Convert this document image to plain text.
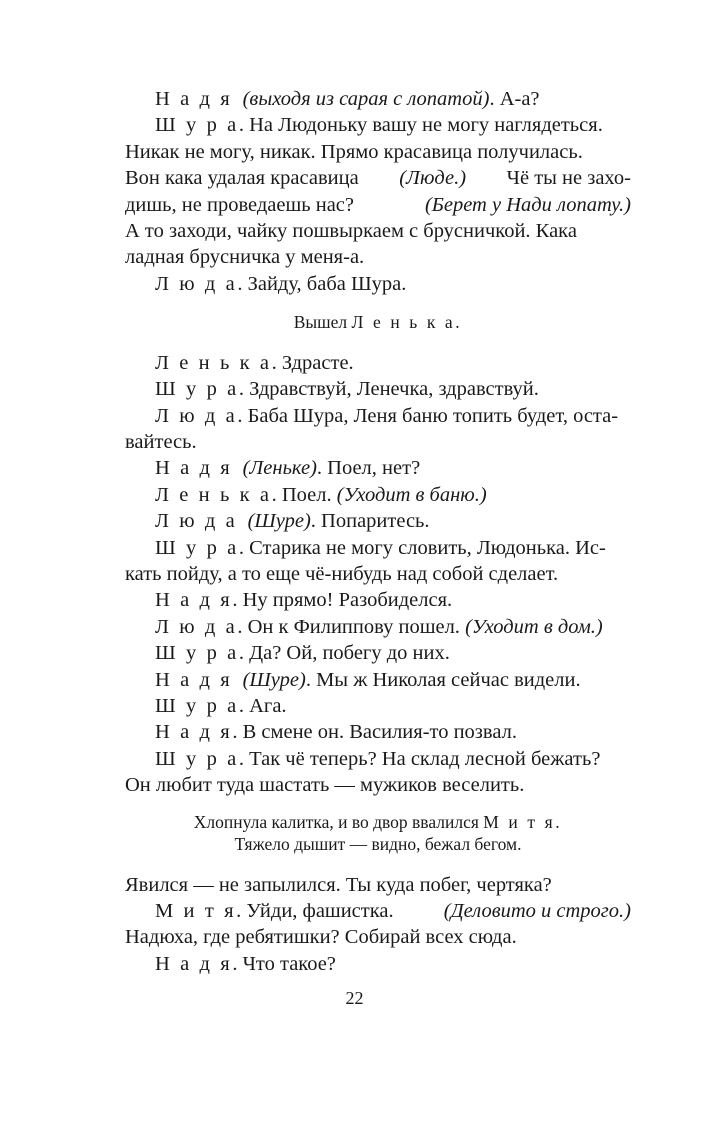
Н а д я
(выходя из сарая с лопатой) . А-а?
Ш у р а. На Людоньку вашу не могу наглядеться.
Никак не могу, никак. Прямо красавица получилась.
Вон кака удалая красавица (Люде.) Чё ты не захо-
дишь, не проведаешь нас?	(Берет у Нади лопату.)
А то заходи, чайку пошвыркаем с брусничкой. Кака
ладная брусничка у меня-а.
Л ю д а . Зайду, баба Шура.
Вышел Л е н ь к а.
Л е н ь к а . Здрасте.
Ш у р а . Здравствуй, Ленечка, здравствуй.
Л ю д а . Баба Шура, Леня баню топить будет, оста-
вайтесь.
Н а д я
(Леньке) . Поел, нет?
Л е н ь к а . Поел.
(Уходит в баню.)
Л ю д а
(Шуре) . Попаритесь.
Ш у р а . Старика не могу словить, Людонька. Ис-
кать пойду, а то еще чё-нибудь над собой сделает.
Н а д я . Ну прямо! Разобиделся.
Л ю д а . Он к Филиппову пошел.
(Уходит в дом.)
Ш у р а . Да? Ой, побегу до них.
Н а д я
(Шуре) . Мы ж Николая сейчас видели.
Ш у р а . Ага.
Н а д я . В смене он. Василия-то позвал.
Ш у р а . Так чё теперь? На склад лесной бежать?
Он любит туда шастать — мужиков веселить.
Хлопнула калитка, и во двор ввалился М и т я.
Тяжело дышит — видно, бежал бегом.
Явился — не запылился. Ты куда побег, чертяка?
М и т я. Уйди, фашистка. (Деловито и строго.)
Надюха, где ребятишки? Собирай всех сюда.
Н а д я . Что такое?
22
